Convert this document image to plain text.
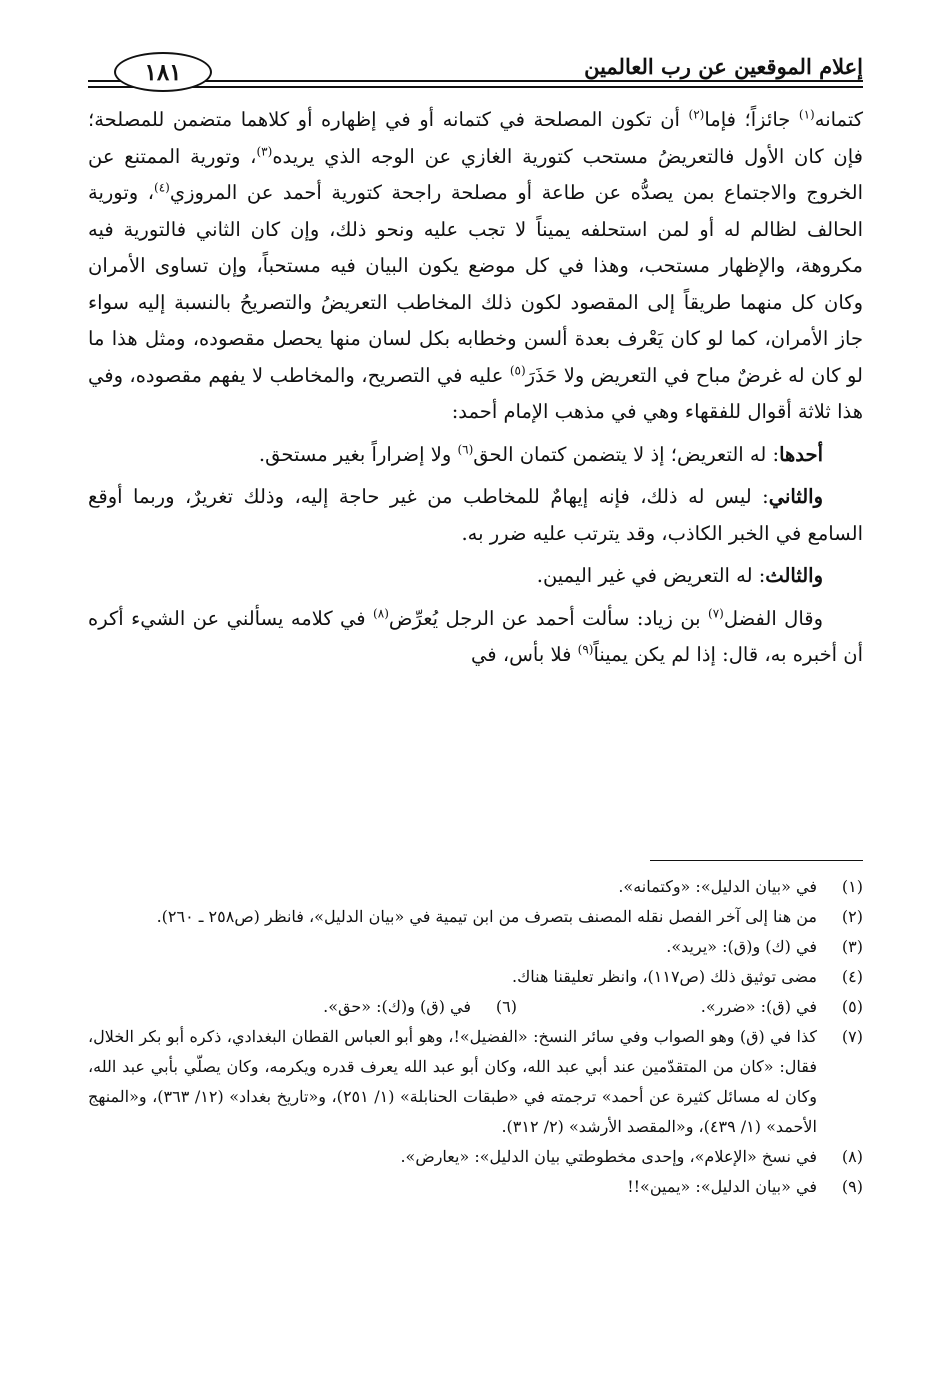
إعلام الموقعين عن رب العالمين
١٨١

كتمانه$^{(١)}$ جائزاً؛ فإما$^{(٢)}$ أن تكون المصلحة في كتمانه أو في إظهاره أو كلاهما متضمن للمصلحة؛ فإن كان الأول فالتعريضُ مستحب كتورية الغازي عن الوجه الذي يريده$^{(٣)}$، وتورية الممتنع عن الخروج والاجتماع بمن يصدُّه عن طاعة أو مصلحة راجحة كتورية أحمد عن المروزي$^{(٤)}$، وتورية الحالف لظالم له أو لمن استحلفه يميناً لا تجب عليه ونحو ذلك، وإن كان الثاني فالتورية فيه مكروهة، والإظهار مستحب، وهذا في كل موضع يكون البيان فيه مستحباً، وإن تساوى الأمران وكان كل منهما طريقاً إلى المقصود لكون ذلك المخاطب التعريضُ والتصريحُ بالنسبة إليه سواء جاز الأمران، كما لو كان يَعْرف بعدة ألسن وخطابه بكل لسان منها يحصل مقصوده، ومثل هذا ما لو كان له غرضٌ مباح في التعريض ولا حَذَرَ$^{(٥)}$ عليه في التصريح، والمخاطب لا يفهم مقصوده، وفي هذا ثلاثة أقوال للفقهاء وهي في مذهب الإمام أحمد:

أحدها: له التعريض؛ إذ لا يتضمن كتمان الحق$^{(٦)}$ ولا إضراراً بغير مستحق.

والثاني: ليس له ذلك، فإنه إيهامٌ للمخاطب من غير حاجة إليه، وذلك تغريرٌ، وربما أوقع السامع في الخبر الكاذب، وقد يترتب عليه ضرر به.

والثالث: له التعريض في غير اليمين.

وقال الفضل$^{(٧)}$ بن زياد: سألت أحمد عن الرجل يُعرِّض$^{(٨)}$ في كلامه يسألني عن الشيء أكره أن أخبره به، قال: إذا لم يكن يميناً$^{(٩)}$ فلا بأس، في

(١)
في «بيان الدليل»: «وكتمانه».
(٢)
من هنا إلى آخر الفصل نقله المصنف بتصرف من ابن تيمية في «بيان الدليل»، فانظر (ص٢٥٨ ـ ٢٦٠).
(٣)
في (ك) و(ق): «يريد».
(٤)
مضى توثيق ذلك (ص١١٧)، وانظر تعليقنا هناك.
(٥)
في (ق): «ضرر».
(٦)
في (ق) و(ك): «حق».
(٧)
كذا في (ق) وهو الصواب وفي سائر النسخ: «الفضيل»!، وهو أبو العباس القطان البغدادي، ذكره أبو بكر الخلال، فقال: «كان من المتقدّمين عند أبي عبد الله، وكان أبو عبد الله يعرف قدره ويكرمه، وكان يصلّي بأبي عبد الله، وكان له مسائل كثيرة عن أحمد» ترجمته في «طبقات الحنابلة» (١/ ٢٥١)، و«تاريخ بغداد» (١٢/ ٣٦٣)، و«المنهج الأحمد» (١/ ٤٣٩)، و«المقصد الأرشد» (٢/ ٣١٢).
(٨)
في نسخ «الإعلام»، وإحدى مخطوطتي بيان الدليل»: «يعارض».
(٩)
في «بيان الدليل»: «يمين»!!
